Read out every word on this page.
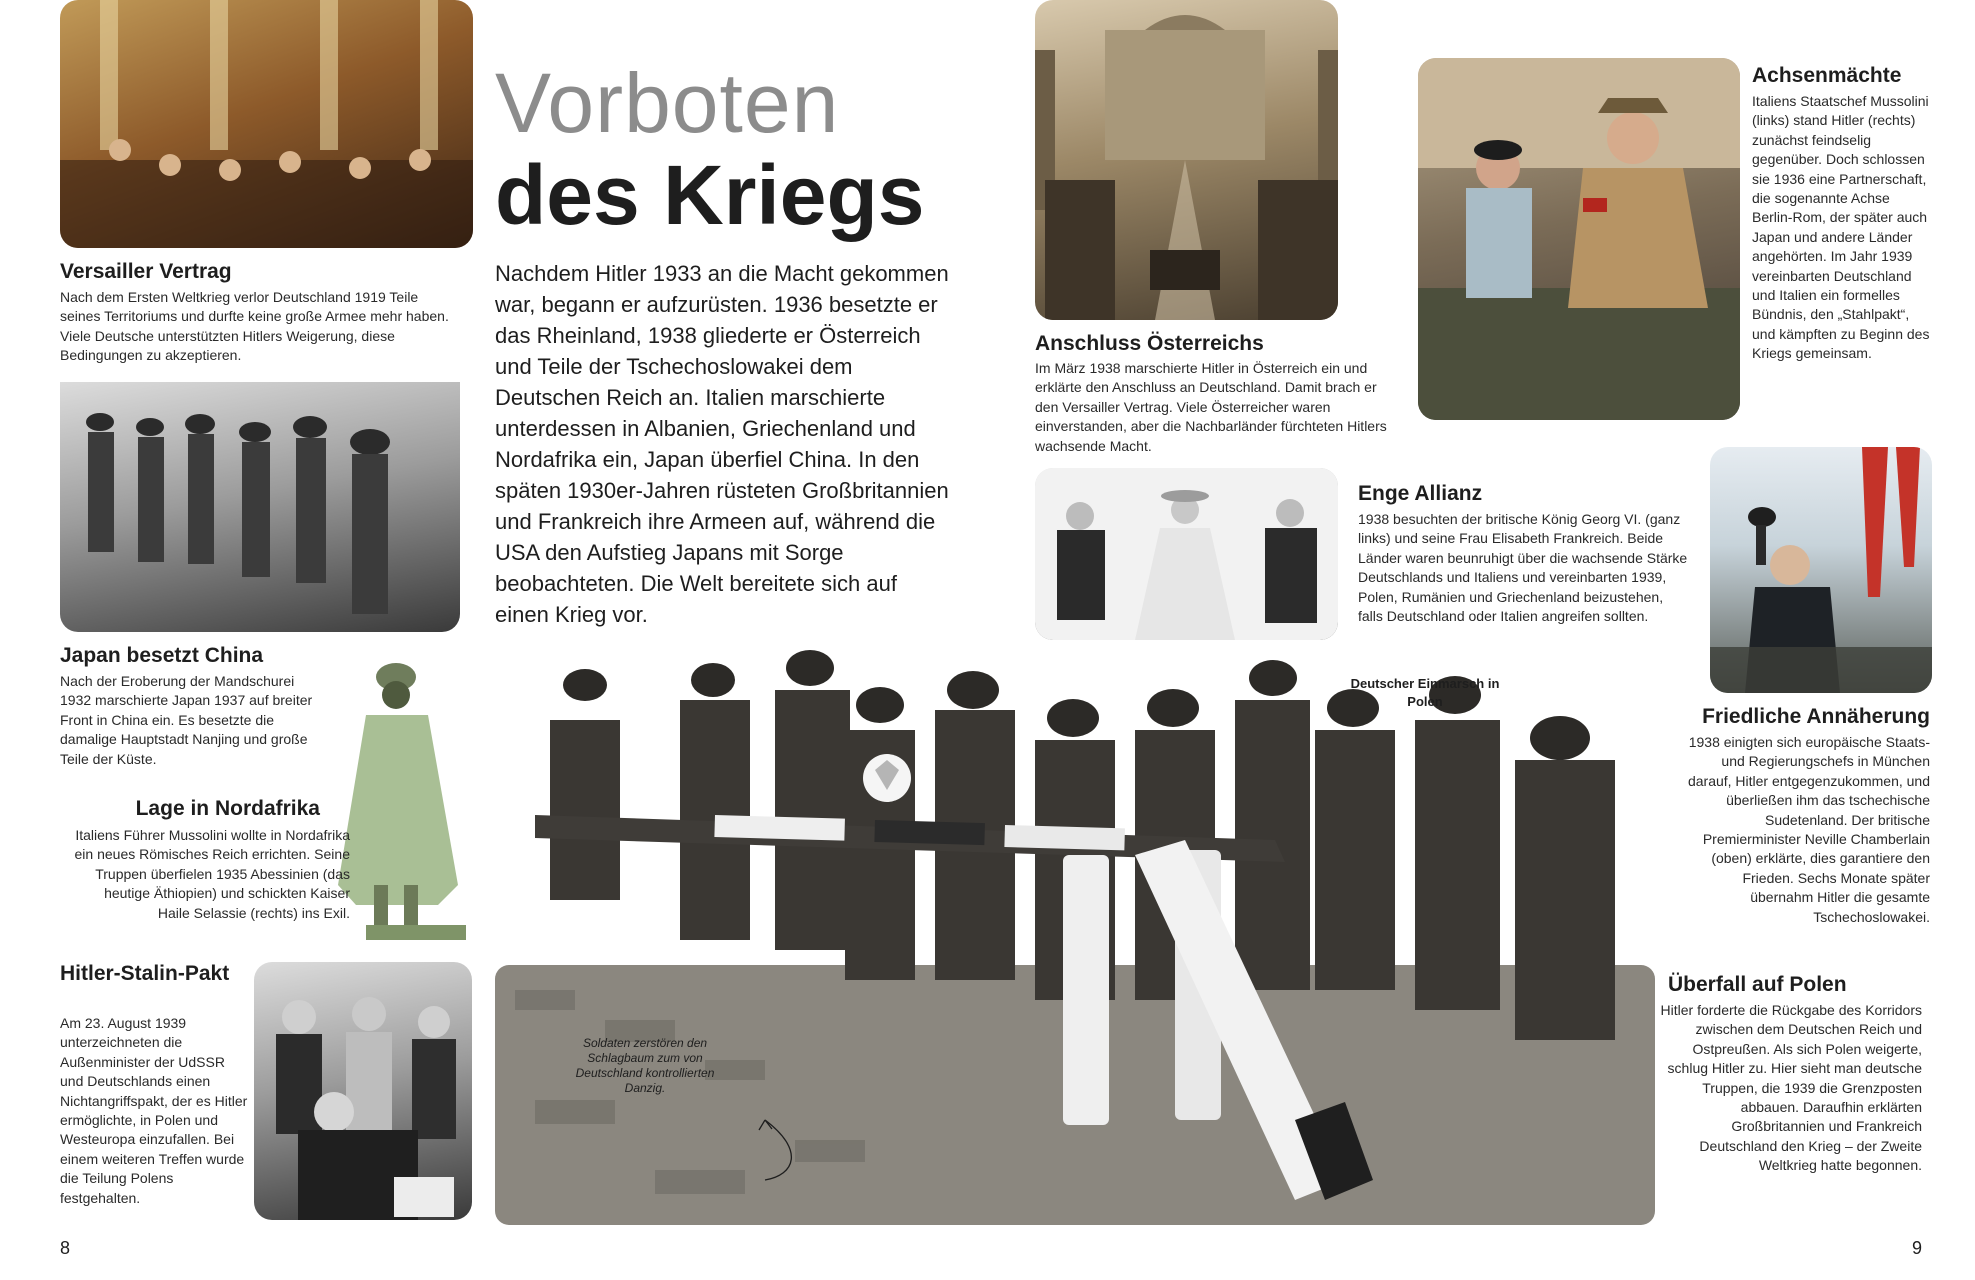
Vorboten
des Kriegs
Nachdem Hitler 1933 an die Macht gekommen war, begann er aufzurüsten. 1936 besetzte er das Rheinland, 1938 gliederte er Österreich und Teile der Tschechoslowakei dem Deutschen Reich an. Italien marschierte unterdessen in Albanien, Griechenland und Nordafrika ein, Japan überfiel China. In den späten 1930er-Jahren rüsteten Großbritannien und Frankreich ihre Armeen auf, während die USA den Aufstieg Japans mit Sorge beobachteten. Die Welt bereitete sich auf einen Krieg vor.
Versailler Vertrag
Nach dem Ersten Weltkrieg verlor Deutschland 1919 Teile seines Territoriums und durfte keine große Armee mehr haben. Viele Deutsche unterstützten Hitlers Weigerung, diese Bedingungen zu akzeptieren.
Japan besetzt China
Nach der Eroberung der Mandschurei 1932 marschierte Japan 1937 auf breiter Front in China ein. Es besetzte die damalige Hauptstadt Nanjing und große Teile der Küste.
Lage in Nordafrika
Italiens Führer Mussolini wollte in Nordafrika ein neues Römisches Reich errichten. Seine Truppen überfielen 1935 Abessinien (das heutige Äthiopien) und schickten Kaiser Haile Selassie (rechts) ins Exil.
Hitler-Stalin-Pakt
Am 23. August 1939 unterzeichneten die Außenminister der UdSSR und Deutschlands einen Nichtangriffspakt, der es Hitler ermöglichte, in Polen und Westeuropa einzufallen. Bei einem weiteren Treffen wurde die Teilung Polens festgehalten.
8
Anschluss Österreichs
Im März 1938 marschierte Hitler in Österreich ein und erklärte den Anschluss an Deutschland. Damit brach er den Versailler Vertrag. Viele Österreicher waren einverstanden, aber die Nachbarländer fürchteten Hitlers wachsende Macht.
Enge Allianz
1938 besuchten der britische König Georg VI. (ganz links) und seine Frau Elisabeth Frankreich. Beide Länder waren beunruhigt über die wachsende Stärke Deutschlands und Italiens und vereinbarten 1939, Polen, Rumänien und Griechenland beizustehen, falls Deutschland oder Italien angreifen sollten.
Achsenmächte
Italiens Staatschef Mussolini (links) stand Hitler (rechts) zunächst feindselig gegenüber. Doch schlossen sie 1936 eine Partnerschaft, die sogenannte Achse Berlin-Rom, der später auch Japan und andere Länder angehörten. Im Jahr 1939 vereinbarten Deutschland und Italien ein formelles Bündnis, den „Stahlpakt“, und kämpften zu Beginn des Kriegs gemeinsam.
Friedliche Annäherung
1938 einigten sich europäische Staats- und Regierungschefs in München darauf, Hitler entgegenzukommen, und überließen ihm das tschechische Sudetenland. Der britische Premierminister Neville Chamberlain (oben) erklärte, dies garantiere den Frieden. Sechs Monate später übernahm Hitler die gesamte Tschechoslowakei.
Überfall auf Polen
Hitler forderte die Rückgabe des Korridors zwischen dem Deutschen Reich und Ostpreußen. Als sich Polen weigerte, schlug Hitler zu. Hier sieht man deutsche Truppen, die 1939 die Grenzposten abbauen. Daraufhin erklärten Großbritannien und Frankreich Deutschland den Krieg – der Zweite Weltkrieg hatte begonnen.
9
Soldaten zerstören den Schlagbaum zum von Deutschland kontrollierten Danzig.
Deutscher Einmarsch in Polen
